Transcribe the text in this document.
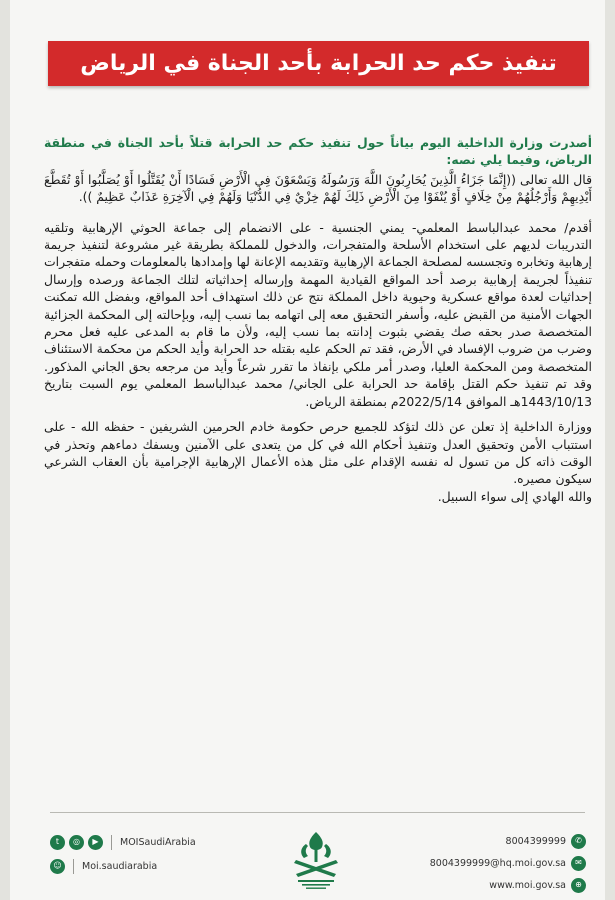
تنفيذ حكم حد الحرابة بأحد الجناة في الرياض

أصدرت وزارة الداخلية اليوم بياناً حول تنفيذ حكم حد الحرابة قتلاً بأحد الجناة في منطقة الرياض، وفيما يلي نصه:

قال الله تعالى ((إِنَّمَا جَزَاءُ الَّذِينَ يُحَارِبُونَ اللَّهَ وَرَسُولَهُ وَيَسْعَوْنَ فِي الْأَرْضِ فَسَادًا أَنْ يُقَتَّلُوا أَوْ يُصَلَّبُوا أَوْ تُقَطَّعَ أَيْدِيهِمْ وَأَرْجُلُهُمْ مِنْ خِلَافٍ أَوْ يُنْفَوْا مِنَ الْأَرْضِ ذَلِكَ لَهُمْ خِزْيٌ فِي الدُّنْيَا وَلَهُمْ فِي الْآخِرَةِ عَذَابٌ عَظِيمٌ )).

أقدم/ محمد عبدالباسط المعلمي- يمني الجنسية - على الانضمام إلى جماعة الحوثي الإرهابية وتلقيه التدريبات لديهم على استخدام الأسلحة والمتفجرات، والدخول للمملكة بطريقة غير مشروعة لتنفيذ جريمة إرهابية وتخابره وتجسسه لمصلحة الجماعة الإرهابية وتقديمه الإعانة لها وإمدادها بالمعلومات وحمله متفجرات تنفيذاً لجريمة إرهابية برصد أحد المواقع القيادية المهمة وإرساله إحداثياته لتلك الجماعة ورصده وإرسال إحداثيات لعدة مواقع عسكرية وحيوية داخل المملكة نتج عن ذلك استهداف أحد المواقع، وبفضل الله تمكنت الجهات الأمنية من القبض عليه، وأسفر التحقيق معه إلى اتهامه بما نسب إليه، وبإحالته إلى المحكمة الجزائية المتخصصة صدر بحقه صك يقضي بثبوت إدانته بما نسب إليه، ولأن ما قام به المدعى عليه فعل محرم وضرب من ضروب الإفساد في الأرض، فقد تم الحكم عليه بقتله حد الحرابة وأيد الحكم من محكمة الاستئناف المتخصصة ومن المحكمة العليا، وصدر أمر ملكي بإنفاذ ما تقرر شرعاً وأيد من مرجعه بحق الجاني المذكور. وقد تم تنفيذ حكم القتل بإقامة حد الحرابة على الجاني/ محمد عبدالباسط المعلمي يوم السبت بتاريخ 1443/10/13هـ الموافق 2022/5/14م بمنطقة الرياض.

ووزارة الداخلية إذ تعلن عن ذلك لتؤكد للجميع حرص حكومة خادم الحرمين الشريفين - حفظه الله - على استتباب الأمن وتحقيق العدل وتنفيذ أحكام الله في كل من يتعدى على الآمنين ويسفك دماءهم وتحذر في الوقت ذاته كل من تسول له نفسه الإقدام على مثل هذه الأعمال الإرهابية الإجرامية بأن العقاب الشرعي سيكون مصيره.

والله الهادي إلى سواء السبيل.

8004399999	✆
8004399999@hq.moi.gov.sa	✉
www.moi.gov.sa	⊕
t	◎	▶	MOISaudiArabia
☺	Moi.saudiarabia
